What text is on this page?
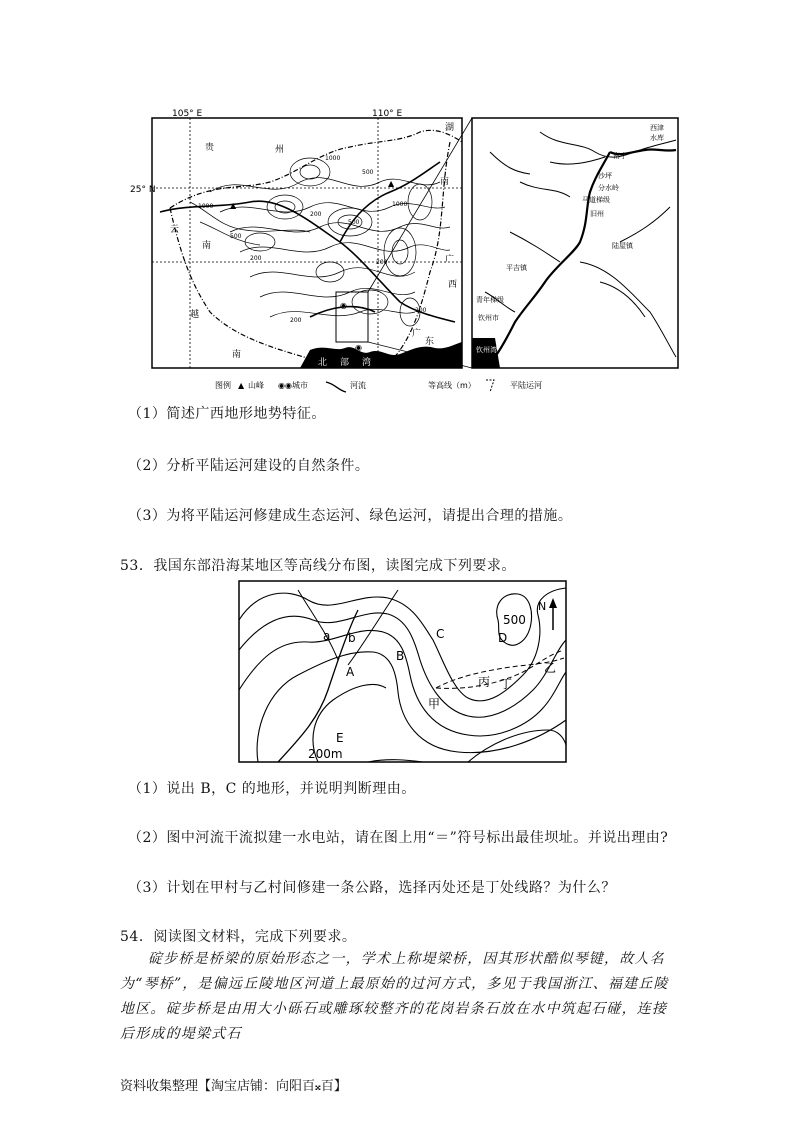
105° E	110° E
25° N
▲
▲
◉
◉
贵	州
湖
南
云
南
越
南
广
西
广
东
北 部 湾
1000
500
200
1000
500
200
200
200
1000
500
200
西津
水库
南宁
沙坪
分水岭
马道梯级
旧州
陆屋镇
平吉镇
青年梯级
钦州市
钦州湾
图例 ▲ 山峰 ◉◉ 城市	河流	等高线（m）	平陆运河
（1）简述广西地形地势特征。
（2）分析平陆运河建设的自然条件。
（3）为将平陆运河修建成生态运河、绿色运河，请提出合理的措施。
53．我国东部沿海某地区等高线分布图，读图完成下列要求。
a b
A
B
C	D
E
甲
乙
丙 丁
500
200m
N
（1）说出 B，C 的地形，并说明判断理由。
（2）图中河流干流拟建一水电站，请在图上用“＝”符号标出最佳坝址。并说出理由?
（3）计划在甲村与乙村间修建一条公路，选择丙处还是丁处线路？为什么？
54．阅读图文材料，完成下列要求。
碇步桥是桥梁的原始形态之一，学术上称堤梁桥，因其形状酷似琴键，故人名为“琴桥”，是偏远丘陵地区河道上最原始的过河方式，多见于我国浙江、福建丘陵地区。碇步桥是由用大小砾石或雕琢较整齐的花岗岩条石放在水中筑起石碰，连接后形成的堤梁式石
资料收集整理【淘宝店铺：向阳百𝄪百】
